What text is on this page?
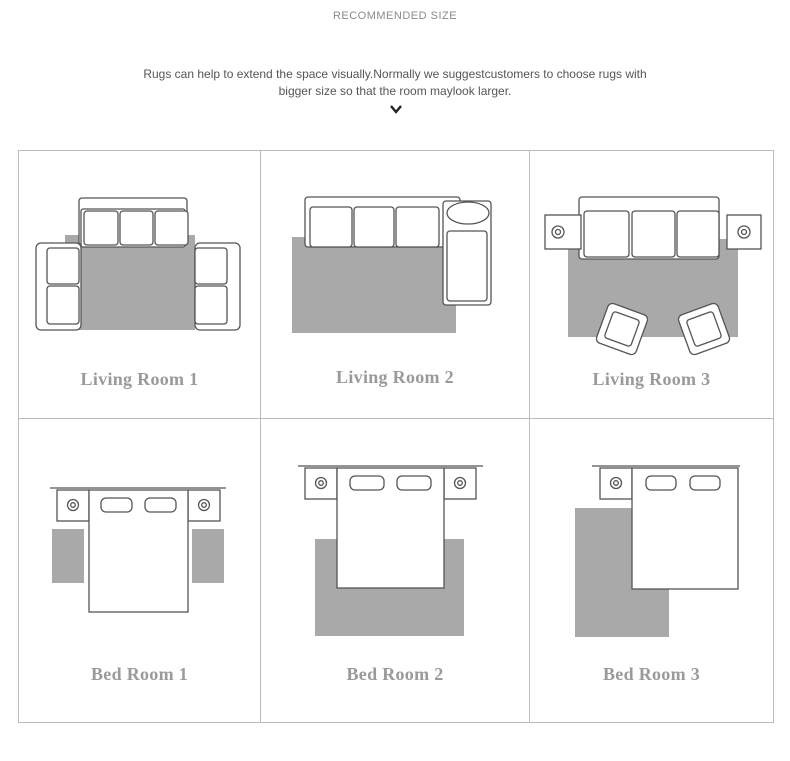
RECOMMENDED SIZE
Rugs can help to extend the space visually.Normally we suggestcustomers to choose rugs with
bigger size so that the room maylook larger.
Living Room 1	Living Room 2	Living Room 3
Bed Room 1	Bed Room 2	Bed Room 3
